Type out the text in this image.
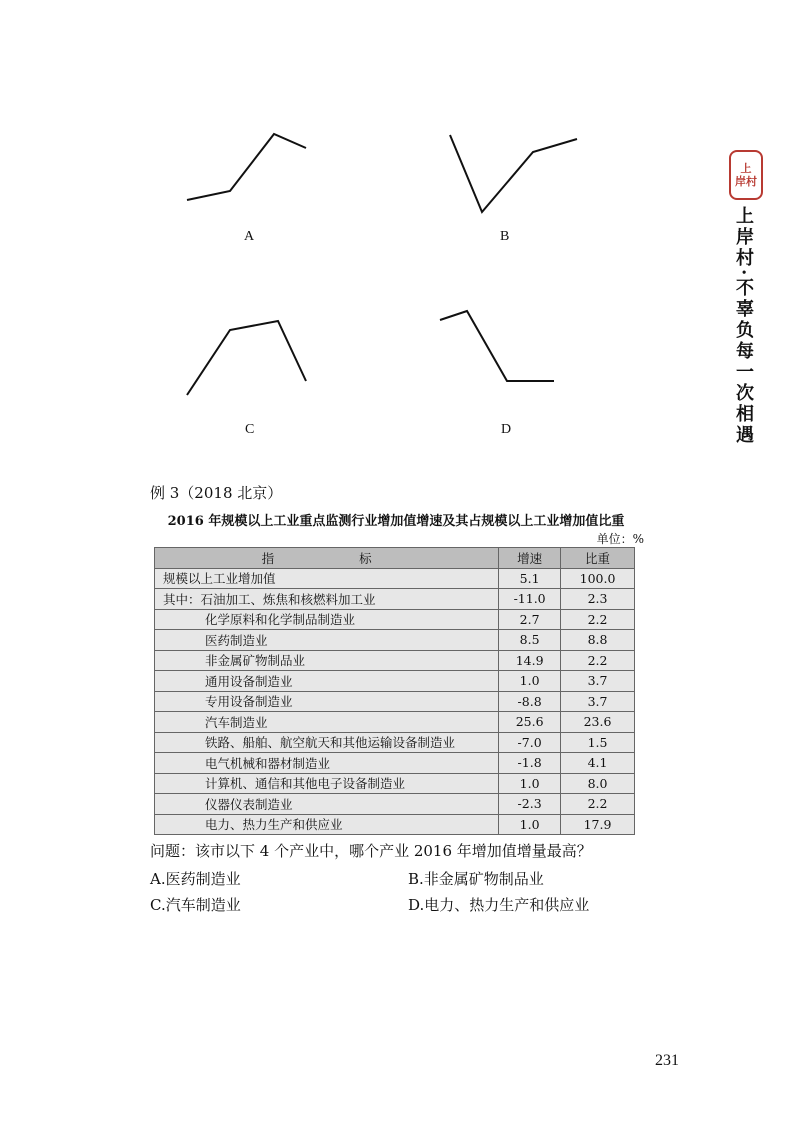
A	B
C	D
上
岸村
上岸村·不辜负每一次相遇
例 3（2018 北京）
2016 年规模以上工业重点监测行业增加值增速及其占规模以上工业增加值比重
单位：%
指　　标	增速	比重
规模以上工业增加值	5.1	100.0
其中：石油加工、炼焦和核燃料加工业	-11.0	2.3
化学原料和化学制品制造业	2.7	2.2
医药制造业	8.5	8.8
非金属矿物制品业	14.9	2.2
通用设备制造业	1.0	3.7
专用设备制造业	-8.8	3.7
汽车制造业	25.6	23.6
铁路、船舶、航空航天和其他运输设备制造业	-7.0	1.5
电气机械和器材制造业	-1.8	4.1
计算机、通信和其他电子设备制造业	1.0	8.0
仪器仪表制造业	-2.3	2.2
电力、热力生产和供应业	1.0	17.9
问题：该市以下 4 个产业中，哪个产业 2016 年增加值增量最高？
A.医药制造业	B.非金属矿物制品业
C.汽车制造业	D.电力、热力生产和供应业
231
